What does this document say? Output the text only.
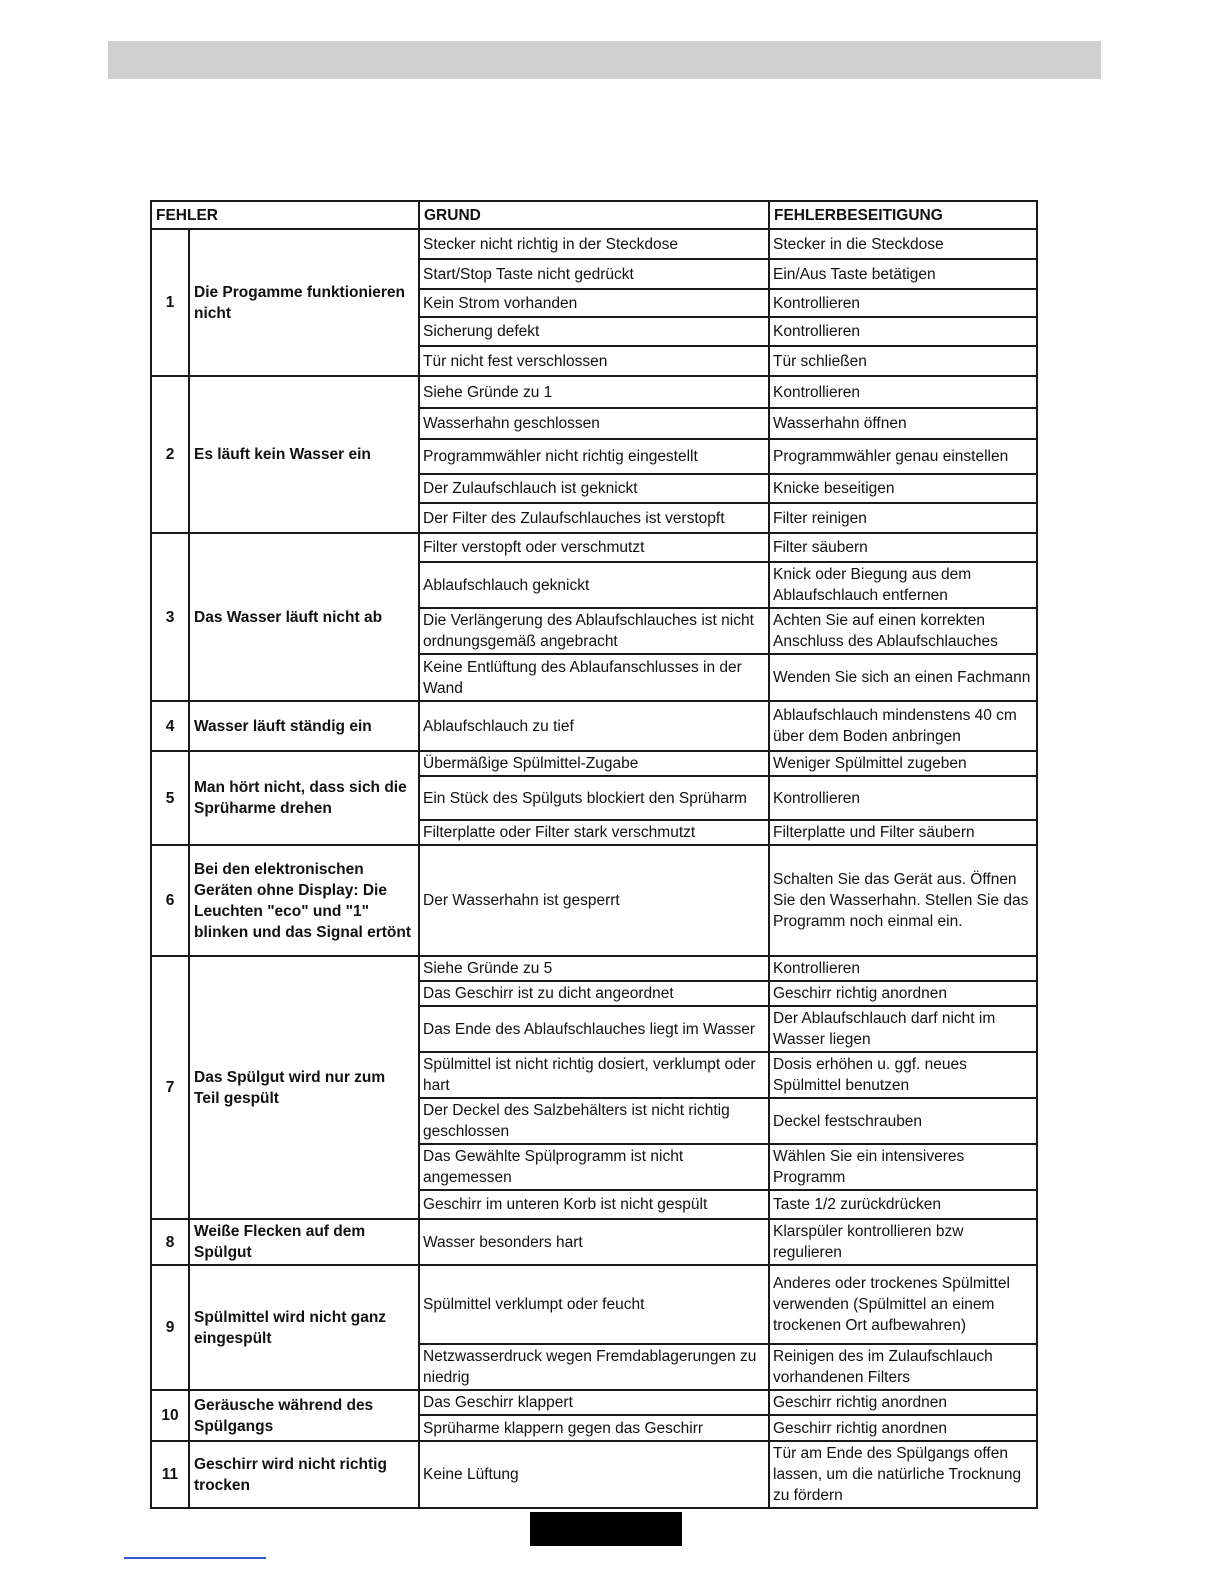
FEHLER		GRUND	FEHLERBESEITIGUNG
1	Die Progamme funktionieren nicht	Stecker nicht richtig in der Steckdose	Stecker in die Steckdose
		Start/Stop Taste nicht gedrückt	Ein/Aus Taste betätigen
		Kein Strom vorhanden	Kontrollieren
		Sicherung defekt	Kontrollieren
		Tür nicht fest verschlossen	Tür schließen
2	Es läuft kein Wasser ein	Siehe Gründe zu 1	Kontrollieren
		Wasserhahn geschlossen	Wasserhahn öffnen
		Programmwähler nicht richtig eingestellt	Programmwähler genau einstellen
		Der Zulaufschlauch ist geknickt	Knicke beseitigen
		Der Filter des Zulaufschlauches ist verstopft	Filter reinigen
3	Das Wasser läuft nicht ab	Filter verstopft oder verschmutzt	Filter säubern
		Ablaufschlauch geknickt	Knick oder Biegung aus dem Ablaufschlauch entfernen
		Die Verlängerung des Ablaufschlauches ist nicht ordnungsgemäß angebracht	Achten Sie auf einen korrekten Anschluss des Ablaufschlauches
		Keine Entlüftung des Ablaufanschlusses in der Wand	Wenden Sie sich an einen Fachmann
4	Wasser läuft ständig ein	Ablaufschlauch zu tief	Ablaufschlauch mindenstens 40 cm über dem Boden anbringen
5	Man hört nicht, dass sich die Sprüharme drehen	Übermäßige Spülmittel-Zugabe	Weniger Spülmittel zugeben
		Ein Stück des Spülguts blockiert den Sprüharm	Kontrollieren
		Filterplatte oder Filter stark verschmutzt	Filterplatte und Filter säubern
6	Bei den elektronischen Geräten ohne Display: Die Leuchten "eco" und "1" blinken und das Signal ertönt	Der Wasserhahn ist gesperrt	Schalten Sie das Gerät aus. Öffnen Sie den Wasserhahn. Stellen Sie das Programm noch einmal ein.
7	Das Spülgut wird nur zum Teil gespült	Siehe Gründe zu 5	Kontrollieren
		Das Geschirr ist zu dicht angeordnet	Geschirr richtig anordnen
		Das Ende des Ablaufschlauches liegt im Wasser	Der Ablaufschlauch darf nicht im Wasser liegen
		Spülmittel ist nicht richtig dosiert, verklumpt oder hart	Dosis erhöhen u. ggf. neues Spülmittel benutzen
		Der Deckel des Salzbehälters ist nicht richtig geschlossen	Deckel festschrauben
		Das Gewählte Spülprogramm ist nicht angemessen	Wählen Sie ein intensiveres Programm
		Geschirr im unteren Korb ist nicht gespült	Taste 1/2 zurückdrücken
8	Weiße Flecken auf dem Spülgut	Wasser besonders hart	Klarspüler kontrollieren bzw regulieren
9	Spülmittel wird nicht ganz eingespült	Spülmittel verklumpt oder feucht	Anderes oder trockenes Spülmittel verwenden (Spülmittel an einem trockenen Ort aufbewahren)
		Netzwasserdruck wegen Fremdablagerungen zu niedrig	Reinigen des im Zulaufschlauch vorhandenen Filters
10	Geräusche während des Spülgangs	Das Geschirr klappert	Geschirr richtig anordnen
		Sprüharme klappern gegen das Geschirr	Geschirr richtig anordnen
11	Geschirr wird nicht richtig trocken	Keine Lüftung	Tür am Ende des Spülgangs offen lassen, um die natürliche Trocknung zu fördern
